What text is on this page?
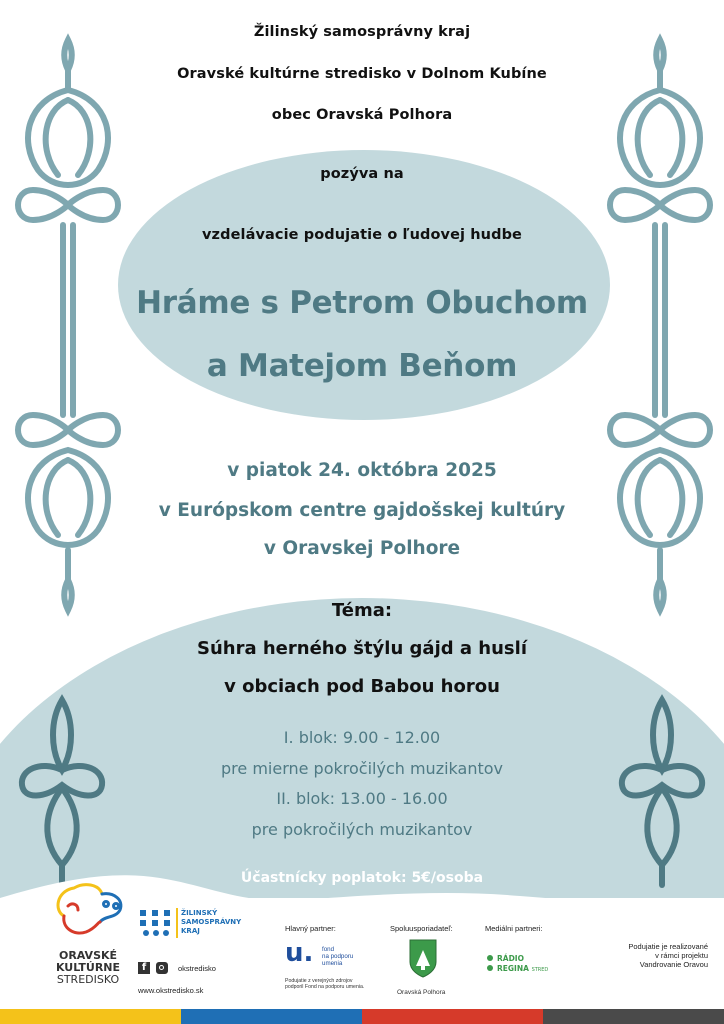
Žilinský samosprávny kraj
Oravské kultúrne stredisko v Dolnom Kubíne
obec Oravská Polhora
pozýva na
vzdelávacie podujatie o ľudovej hudbe
Hráme s Petrom Obuchom
a Matejom Beňom
v piatok 24. októbra 2025
v Európskom centre gajdošskej kultúry
v Oravskej Polhore
Téma:
Súhra herného štýlu gájd a huslí
v obciach pod Babou horou
I. blok: 9.00 - 12.00
pre mierne pokročilých muzikantov
II. blok: 13.00 - 16.00
pre pokročilých muzikantov
Účastnícky poplatok: 5€/osoba
ORAVSKÉ
KULTÚRNE
STREDISKO
ŽILINSKÝ
SAMOSPRÁVNY
KRAJ
f	okstredisko
www.okstredisko.sk
Hlavný partner:
u. fond
na podporu
umenia
Podujatie z verejných zdrojov
podporil Fond na podporu umenia.
Spoluusporiadateľ:
Oravská Polhora
Mediálni partneri:
RÁDIO
REGINA STRED
Podujatie je realizované
v rámci projektu
Vandrovanie Oravou
